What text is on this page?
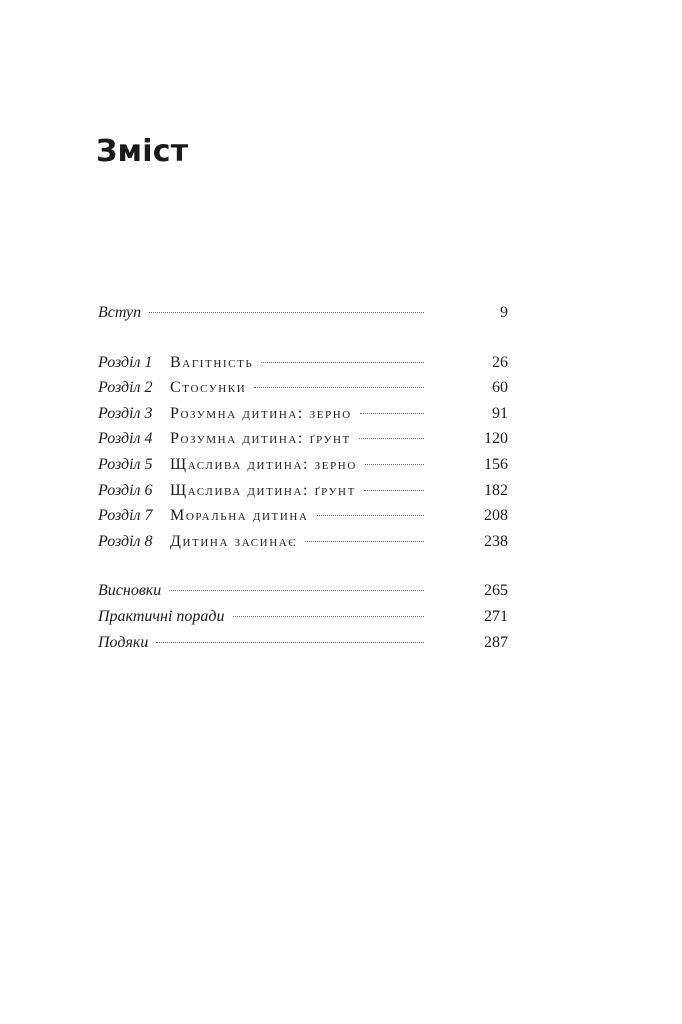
Зміст
Вступ	9
Розділ 1	Вагітність	26
Розділ 2	Стосунки	60
Розділ 3	Розумна дитина: зерно	91
Розділ 4	Розумна дитина: ґрунт	120
Розділ 5	Щаслива дитина: зерно	156
Розділ 6	Щаслива дитина: ґрунт	182
Розділ 7	Моральна дитина	208
Розділ 8	Дитина засинає	238
Висновки	265
Практичні поради	271
Подяки	287
